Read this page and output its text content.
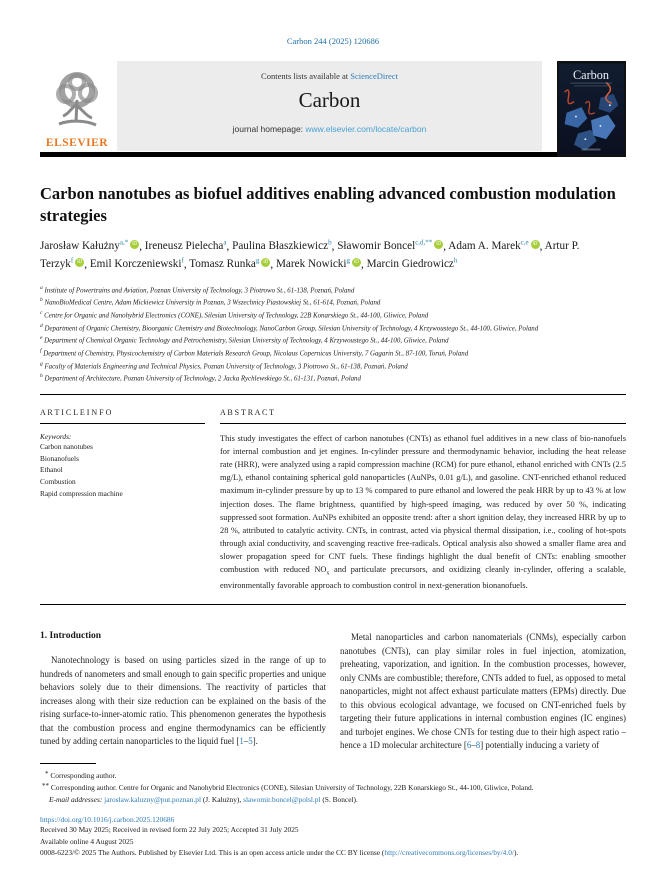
Carbon 244 (2025) 120686
ELSEVIER
Contents lists available at ScienceDirect
Carbon
journal homepage: www.elsevier.com/locate/carbon
Carbon
Carbon nanotubes as biofuel additives enabling advanced combustion modulation strategies
Jarosław Kałużny$^{a,*}$ iD , Ireneusz Pielecha$^a$, Paulina Błaszkiewicz$^b$, Sławomir Boncel$^{c,d,**}$ iD , Adam A. Marek$^{c,e}$ iD , Artur P. Terzyk$^f$ iD , Emil Korczeniewski$^f$, Tomasz Runka$^g$ iD , Marek Nowicki$^g$ iD , Marcin Giedrowicz$^h$
$^a$ Institute of Powertrains and Aviation, Poznan University of Technology, 3 Piotrowo St., 61-138, Poznań, Poland
$^b$ NanoBioMedical Centre, Adam Mickiewicz University in Poznan, 3 Wszechnicy Piastowskiej St., 61-614, Poznań, Poland
$^c$ Centre for Organic and Nanohybrid Electronics (CONE), Silesian University of Technology, 22B Konarskiego St., 44-100, Gliwice, Poland
$^d$ Department of Organic Chemistry, Bioorganic Chemistry and Biotechnology, NanoCarbon Group, Silesian University of Technology, 4 Krzywoustego St., 44-100, Gliwice, Poland
$^e$ Department of Chemical Organic Technology and Petrochemistry, Silesian University of Technology, 4 Krzywoustego St., 44-100, Gliwice, Poland
$^f$ Department of Chemistry, Physicochemistry of Carbon Materials Research Group, Nicolaus Copernicus University, 7 Gagarin St., 87-100, Toruń, Poland
$^g$ Faculty of Materials Engineering and Technical Physics, Poznan University of Technology, 3 Piotrowo St., 61-138, Poznań, Poland
$^h$ Department of Architecture, Poznan University of Technology, 2 Jacka Rychlewskiego St., 61-131, Poznań, Poland
A R T I C L E I N F O
Keywords:
Carbon nanotubes
Bionanofuels
Ethanol
Combustion
Rapid compression machine
A B S T R A C T
This study investigates the effect of carbon nanotubes (CNTs) as ethanol fuel additives in a new class of bio-nanofuels for internal combustion and jet engines. In-cylinder pressure and thermodynamic behavior, including the heat release rate (HRR), were analyzed using a rapid compression machine (RCM) for pure ethanol, ethanol enriched with CNTs (2.5 mg/L), ethanol containing spherical gold nanoparticles (AuNPs, 0.01 g/L), and gasoline. CNT-enriched ethanol reduced maximum in-cylinder pressure by up to 13 % compared to pure ethanol and lowered the peak HRR by up to 43 % at low injection doses. The flame brightness, quantified by high-speed imaging, was reduced by over 50 %, indicating suppressed soot formation. AuNPs exhibited an opposite trend: after a short ignition delay, they increased HRR by up to 28 %, attributed to catalytic activity. CNTs, in contrast, acted via physical thermal dissipation, i.e., cooling of hot-spots through axial conductivity, and scavenging reactive free-radicals. Optical analysis also showed a smaller flame area and slower propagation speed for CNT fuels. These findings highlight the dual benefit of CNTs: enabling smoother combustion with reduced $NO_x$ and particulate precursors, and oxidizing cleanly in-cylinder, offering a scalable, environmentally favorable approach to combustion control in next-generation bionanofuels.
1. Introduction
Nanotechnology is based on using particles sized in the range of up to hundreds of nanometers and small enough to gain specific properties and unique behaviors solely due to their dimensions. The reactivity of particles that increases along with their size reduction can be explained on the basis of the rising surface-to-inner-atomic ratio. This phenomenon generates the hypothesis that the combustion process and engine thermodynamics can be efficiently tuned by adding certain nanoparticles to the liquid fuel [1–5].
Metal nanoparticles and carbon nanomaterials (CNMs), especially carbon nanotubes (CNTs), can play similar roles in fuel injection, atomization, preheating, vaporization, and ignition. In the combustion processes, however, only CNMs are combustible; therefore, CNTs added to fuel, as opposed to metal nanoparticles, might not affect exhaust particulate matters (EPMs) directly. Due to this obvious ecological advantage, we focused on CNT-enriched fuels by targeting their future applications in internal combustion engines (IC engines) and turbojet engines. We chose CNTs for testing due to their high aspect ratio – hence a 1D molecular architecture [6–8] potentially inducing a variety of
* Corresponding author.
** Corresponding author. Centre for Organic and Nanohybrid Electronics (CONE), Silesian University of Technology, 22B Konarskiego St., 44-100, Gliwice, Poland.
E-mail addresses: jaroslaw.kaluzny@put.poznan.pl (J. Kałużny), slawomir.boncel@polsl.pl (S. Boncel).
https://doi.org/10.1016/j.carbon.2025.120686
Received 30 May 2025; Received in revised form 22 July 2025; Accepted 31 July 2025
Available online 4 August 2025
0008-6223/© 2025 The Authors. Published by Elsevier Ltd. This is an open access article under the CC BY license (http://creativecommons.org/licenses/by/4.0/).
